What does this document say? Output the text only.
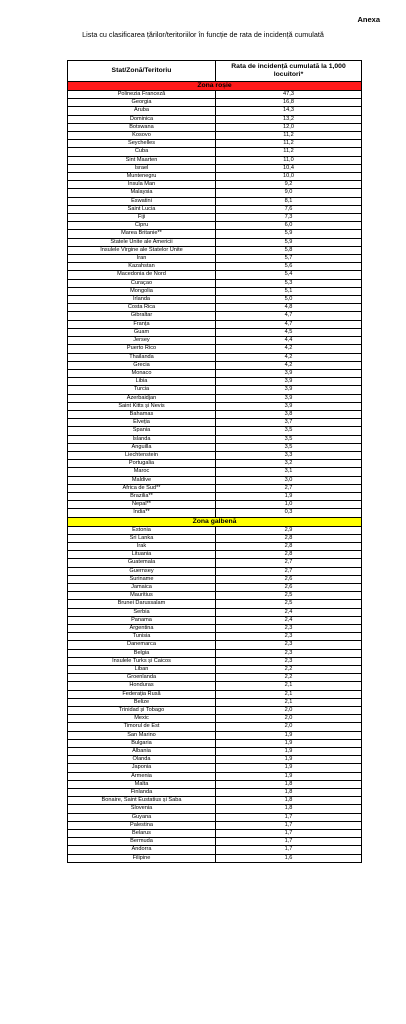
Anexa
Lista cu clasificarea țărilor/teritoriilor în funcție de rata de incidență cumulată
Stat/Zonă/Teritoriu	Rata de incidență cumulată la 1,000 locuitori*
Zona roșie	
Polinezia Franceză	47,3
Georgia	16,8
Aruba	14,3
Dominica	13,2
Botswana	12,0
Kosovo	11,2
Seychelles	11,2
Cuba	11,2
Sint Maarten	11,0
Israel	10,4
Muntenegru	10,0
Insula Man	9,2
Malaysia	9,0
Eswatini	8,1
Saint Lucia	7,6
Fiji	7,3
Cipru	6,0
Marea Britanie**	5,9
Statele Unite ale Americii	5,9
Insulele Virgine ale Statelor Unite	5,8
Iran	5,7
Kazahstan	5,6
Macedonia de Nord	5,4
Curaçao	5,3
Mongolia	5,1
Irlanda	5,0
Costa Rica	4,8
Gibraltar	4,7
Franța	4,7
Guam	4,5
Jersey	4,4
Puerto Rico	4,2
Thailanda	4,2
Grecia	4,2
Monaco	3,9
Libia	3,9
Turcia	3,9
Azerbaidjan	3,9
Saint Kitts și Nevis	3,9
Bahamas	3,8
Elveția	3,7
Spania	3,5
Islanda	3,5
Anguilla	3,5
Liechtenstein	3,3
Portugalia	3,2
Maroc	3,1
Maldive	3,0
Africa de Sud**	2,7
Brazilia**	1,9
Nepal**	1,0
India**	0,3
Zona galbenă	
Estonia	2,9
Sri Lanka	2,8
Irak	2,8
Lituania	2,8
Guatemala	2,7
Guernsey	2,7
Suriname	2,6
Jamaica	2,6
Mauritius	2,5
Brunei Darussalam	2,5
Serbia	2,4
Panama	2,4
Argentina	2,3
Tunisia	2,3
Danemarca	2,3
Belgia	2,3
Insulele Turks și Caicos	2,3
Liban	2,2
Groenlanda	2,2
Honduras	2,1
Federația Rusă	2,1
Belize	2,1
Trinidad și Tobago	2,0
Mexic	2,0
Timorul de Est	2,0
San Marino	1,9
Bulgaria	1,9
Albania	1,9
Olanda	1,9
Japonia	1,9
Armenia	1,9
Malta	1,8
Finlanda	1,8
Bonaire, Saint Eustatius și Saba	1,8
Slovenia	1,8
Guyana	1,7
Palestina	1,7
Belarus	1,7
Bermuda	1,7
Andorra	1,7
Filipine	1,6
